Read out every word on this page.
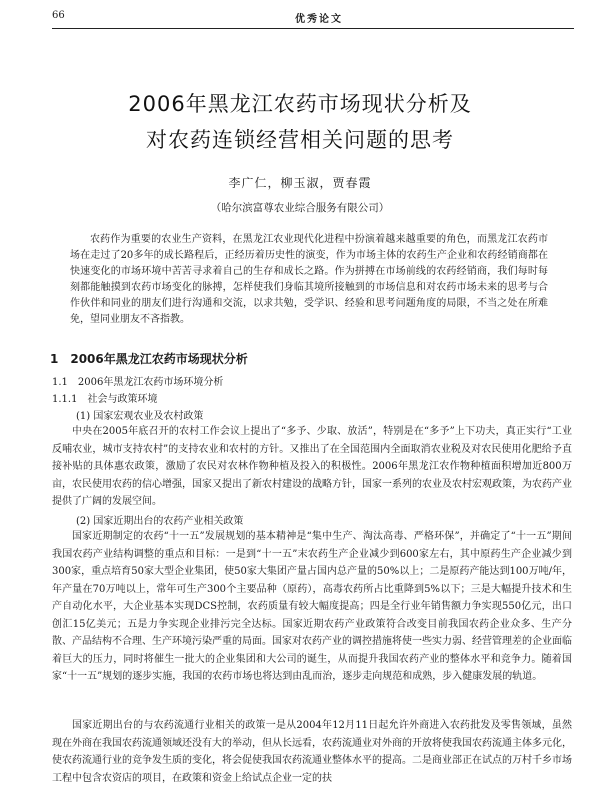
66	优秀论文
2006年黑龙江农药市场现状分析及
对农药连锁经营相关问题的思考
李广仁，柳玉淑，贾春霞
（哈尔滨富尊农业综合服务有限公司）
农药作为重要的农业生产资料，在黑龙江农业现代化进程中扮演着越来越重要的角色，而黑龙江农药市场在走过了20多年的成长路程后，正经历着历史性的演变，作为市场主体的农药生产企业和农药经销商都在快速变化的市场环境中苦苦寻求着自己的生存和成长之路。作为拼搏在市场前线的农药经销商，我们每时每刻都能触摸到农药市场变化的脉搏，怎样使我们身临其境所接触到的市场信息和对农药市场未来的思考与合作伙伴和同业的朋友们进行沟通和交流，以求共勉，受学识、经验和思考问题角度的局限，不当之处在所难免，望同业朋友不吝指教。
1　2006年黑龙江农药市场现状分析
1.1　2006年黑龙江农药市场环境分析
1.1.1　社会与政策环境
(1) 国家宏观农业及农村政策
中央在2005年底召开的农村工作会议上提出了“多予、少取、放活”，特别是在“多予”上下功夫，真正实行“工业反哺农业，城市支持农村”的支持农业和农村的方针。又推出了在全国范围内全面取消农业税及对农民使用化肥给予直接补贴的具体惠农政策，激励了农民对农林作物种植及投入的积极性。2006年黑龙江农作物种植面积增加近800万亩，农民使用农药的信心增强，国家又提出了新农村建设的战略方针，国家一系列的农业及农村宏观政策，为农药产业提供了广阔的发展空间。
(2) 国家近期出台的农药产业相关政策
国家近期制定的农药“十一五”发展规划的基本精神是“集中生产、淘汰高毒、严格环保”，并确定了“十一五”期间我国农药产业结构调整的重点和目标：一是到“十一五”末农药生产企业减少到600家左右，其中原药生产企业减少到300家，重点培育50家大型企业集团，使50家大集团产量占国内总产量的50%以上；二是原药产能达到100万吨/年，年产量在70万吨以上，常年可生产300个主要品种（原药），高毒农药所占比重降到5%以下；三是大幅提升技术和生产自动化水平，大企业基本实现DCS控制，农药质量有较大幅度提高；四是全行业年销售额力争实现550亿元，出口创汇15亿美元；五是力争实现企业排污完全达标。国家近期农药产业政策符合改变目前我国农药企业众多、生产分散、产品结构不合理、生产环境污染严重的局面。国家对农药产业的调控措施将使一些实力弱、经营管理差的企业面临着巨大的压力，同时将催生一批大的企业集团和大公司的诞生，从而提升我国农药产业的整体水平和竞争力。随着国家“十一五”规划的逐步实施，我国的农药市场也将达到由乱而治，逐步走向规范和成熟，步入健康发展的轨道。
国家近期出台的与农药流通行业相关的政策一是从2004年12月11日起允许外商进入农药批发及零售领域，虽然现在外商在我国农药流通领域还没有大的举动，但从长远看，农药流通业对外商的开放将使我国农药流通主体多元化，使农药流通行业的竞争发生质的变化，将会促使我国农药流通业整体水平的提高。二是商业部正在试点的万村千乡市场工程中包含农资店的项目，在政策和资金上给试点企业一定的扶
